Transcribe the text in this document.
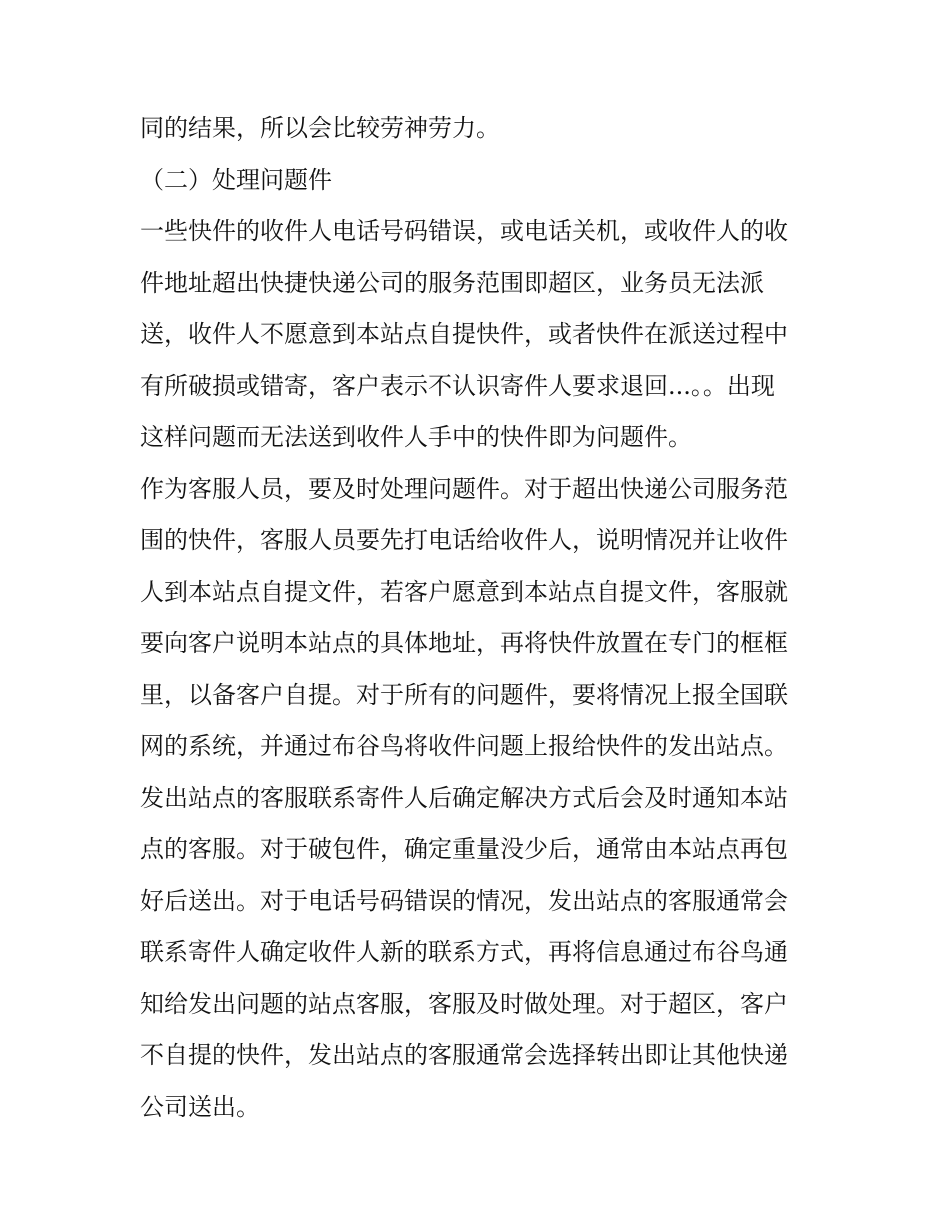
同的结果，所以会比较劳神劳力。
（二）处理问题件
一些快件的收件人电话号码错误，或电话关机，或收件人的收
件地址超出快捷快递公司的服务范围即超区，业务员无法派
送，收件人不愿意到本站点自提快件，或者快件在派送过程中
有所破损或错寄，客户表示不认识寄件人要求退回...。。出现
这样问题而无法送到收件人手中的快件即为问题件。
作为客服人员，要及时处理问题件。对于超出快递公司服务范
围的快件，客服人员要先打电话给收件人，说明情况并让收件
人到本站点自提文件，若客户愿意到本站点自提文件，客服就
要向客户说明本站点的具体地址，再将快件放置在专门的框框
里，以备客户自提。对于所有的问题件，要将情况上报全国联
网的系统，并通过布谷鸟将收件问题上报给快件的发出站点。
发出站点的客服联系寄件人后确定解决方式后会及时通知本站
点的客服。对于破包件，确定重量没少后，通常由本站点再包
好后送出。对于电话号码错误的情况，发出站点的客服通常会
联系寄件人确定收件人新的联系方式，再将信息通过布谷鸟通
知给发出问题的站点客服，客服及时做处理。对于超区，客户
不自提的快件，发出站点的客服通常会选择转出即让其他快递
公司送出。
